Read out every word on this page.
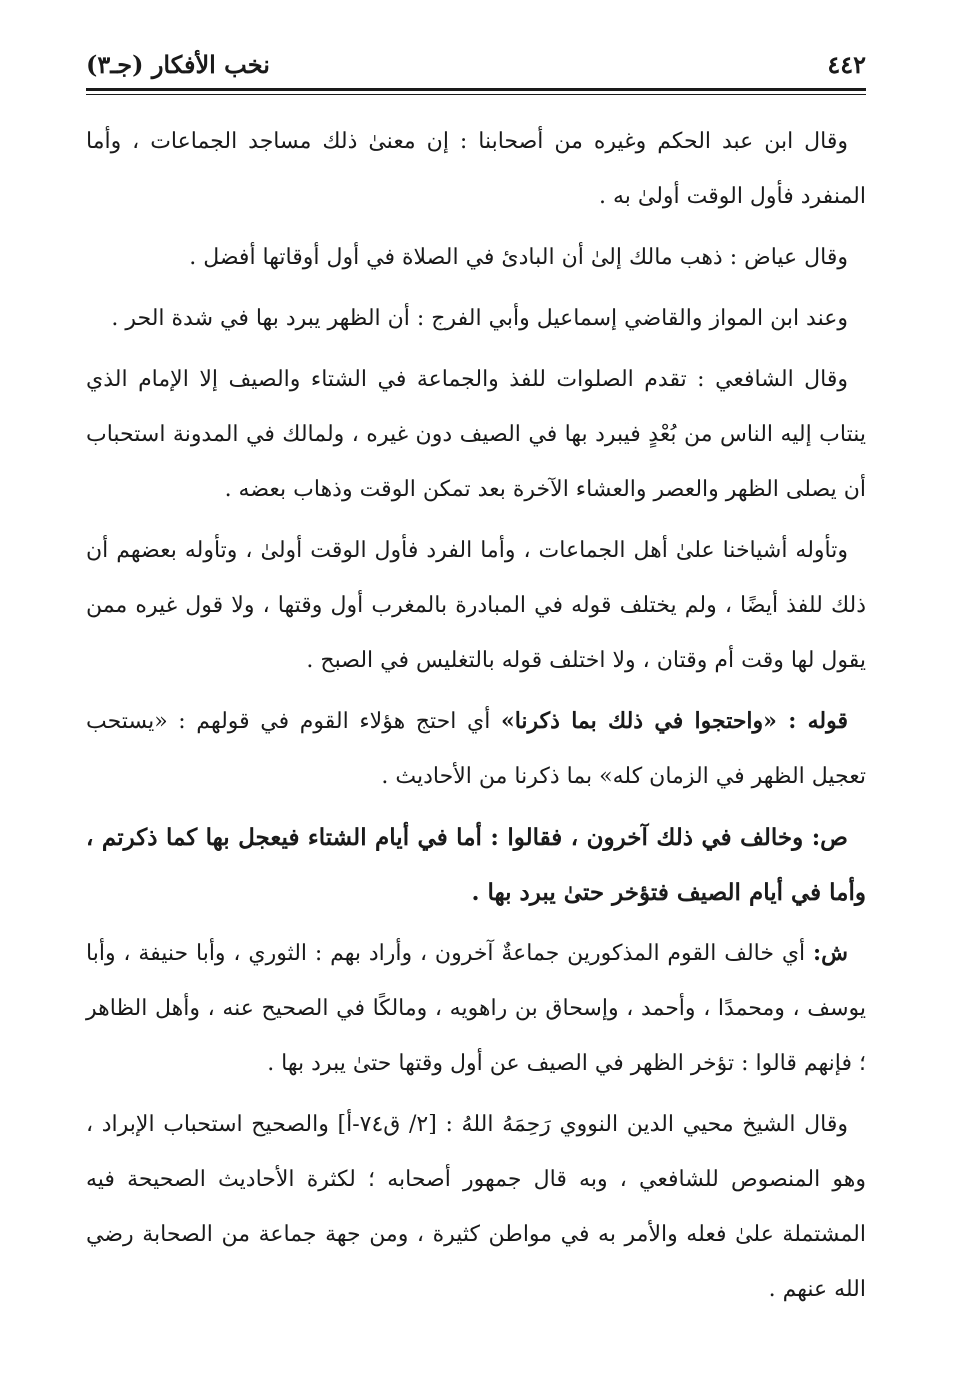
٤٤٢
نخب الأفكار (جـ٣)

وقال ابن عبد الحكم وغيره من أصحابنا : إن معنىٰ ذلك مساجد الجماعات ، وأما المنفرد فأول الوقت أولىٰ به .

وقال عياض : ذهب مالك إلىٰ أن البادئ في الصلاة في أول أوقاتها أفضل .

وعند ابن المواز والقاضي إسماعيل وأبي الفرج : أن الظهر يبرد بها في شدة الحر .

وقال الشافعي : تقدم الصلوات للفذ والجماعة في الشتاء والصيف إلا الإمام الذي ينتاب إليه الناس من بُعْدٍ فيبرد بها في الصيف دون غيره ، ولمالك في المدونة استحباب أن يصلى الظهر والعصر والعشاء الآخرة بعد تمكن الوقت وذهاب بعضه .

وتأوله أشياخنا علىٰ أهل الجماعات ، وأما الفرد فأول الوقت أولىٰ ، وتأوله بعضهم أن ذلك للفذ أيضًا ، ولم يختلف قوله في المبادرة بالمغرب أول وقتها ، ولا قول غيره ممن يقول لها وقت أم وقتان ، ولا اختلف قوله بالتغليس في الصبح .

قوله : «واحتجوا في ذلك بما ذكرنا» أي احتج هؤلاء القوم في قولهم : «يستحب تعجيل الظهر في الزمان كله» بما ذكرنا من الأحاديث .

ص: وخالف في ذلك آخرون ، فقالوا : أما في أيام الشتاء فيعجل بها كما ذكرتم ، وأما في أيام الصيف فتؤخر حتىٰ يبرد بها .

ش: أي خالف القوم المذكورين جماعةٌ آخرون ، وأراد بهم : الثوري ، وأبا حنيفة ، وأبا يوسف ، ومحمدًا ، وأحمد ، وإسحاق بن راهويه ، ومالكًا في الصحيح عنه ، وأهل الظاهر ؛ فإنهم قالوا : تؤخر الظهر في الصيف عن أول وقتها حتىٰ يبرد بها .

وقال الشيخ محيي الدين النووي رَحِمَهُ اللهُ : [٢/ ق٧٤-أ] والصحيح استحباب الإبراد ، وهو المنصوص للشافعي ، وبه قال جمهور أصحابه ؛ لكثرة الأحاديث الصحيحة فيه المشتملة علىٰ فعله والأمر به في مواطن كثيرة ، ومن جهة جماعة من الصحابة رضي الله عنهم .
